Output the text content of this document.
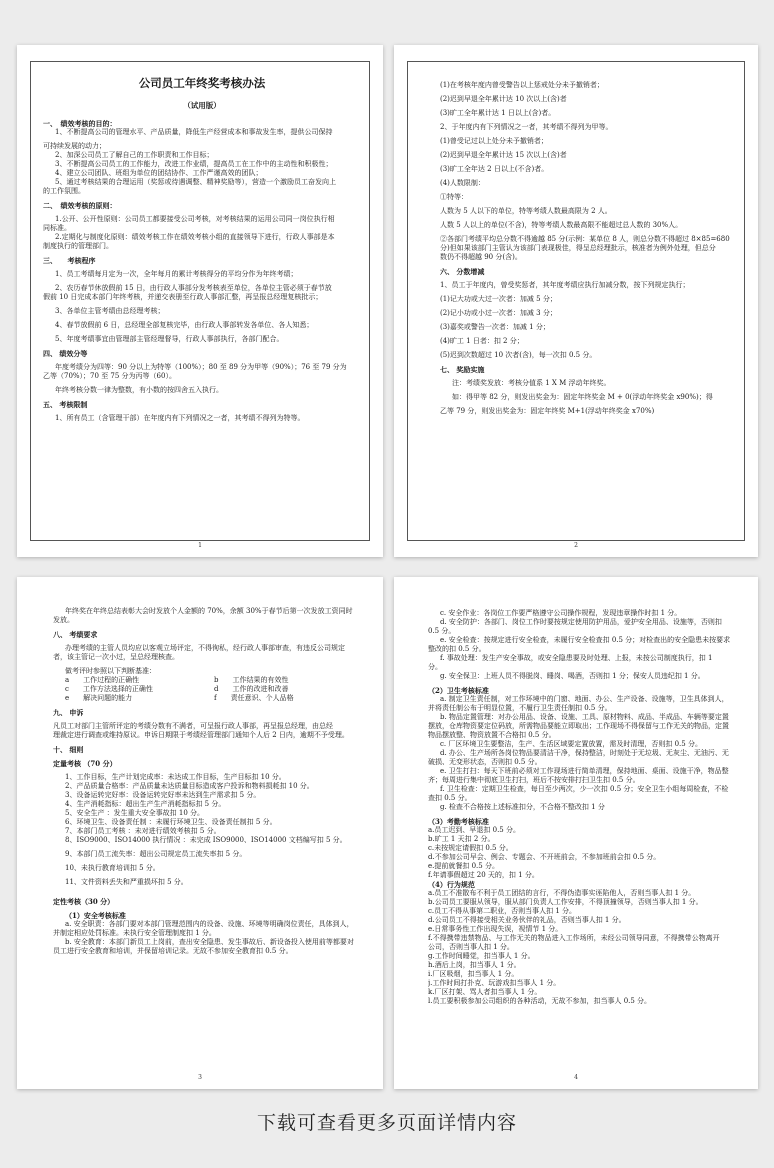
公司员工年终奖考核办法
（试用版）
一、　绩效考核的目的：
1、不断提高公司的管理水平、产品质量，降低生产经营成本和事故发生率，提供公司保持

可持续发展的动力；
2、加深公司员工了解自己的工作职责和工作目标；
3、不断提高公司员工的工作能力，改进工作业绩，提高员工在工作中的主动性和积极性；
4、建立公司团队、班组为单位的团结协作、工作严谨高效的团队；
5、通过考核结果的合理运用（奖惩或待遇调整、精神奖励等），营造一个激励员工奋发向上
的工作氛围。

二、　绩效考核的原则：

1.公开、公开性原则：公司员工都要接受公司考核，对考核结果的运用公司同一岗位执行相
同标准。
2.定期化与制度化原则：绩效考核工作在绩效考核小组的直接领导下进行，行政人事部是本
制度执行的管理部门。

三、　　考核程序

1、员工考绩每月定为一次，全年每月的累计考核得分的平均分作为年终考绩；

2、农历春节休放假前 15 日，由行政人事部分发考核表至单位，各单位主管必须于春节放
假前 10 日完成本部门年终考核，并递交表册至行政人事部汇整，再呈报总经理复核批示；

3、各单位主管考绩由总经理考核；

4、春节放假前 6 日，总经理全部复核完毕，由行政人事部转发各单位、各人知悉；

5、年度考绩事宜由管理部主管经理督导，行政人事部执行，各部门配合。

四、 绩效分等

年度考绩分为四等：90 分以上为特等（100%）；80 至 89 分为甲等（90%）；76 至 79 分为
乙等（70%）；70 至 75 分为丙等（60）。

年终考核分数一律为整数，有小数的按四舍五入执行。

五、 考核限制

1、所有员工（含管理干部）在年度内有下列情况之一者，其考绩不得列为特等。
1
(1)在考核年度内曾受警告以上惩戒处分未予撤销者；

(2)迟到早退全年累计达 10 次以上(含)者

(3)旷工全年累计达 1 日以上(含)者。

2、于年度内有下列情况之一者，其考绩不得列为甲等。

(1)曾受记过以上处分未予撤销者；

(2)迟到早退全年累计达 15 次以上(含)者

(3)旷工全年达 2 日以上(不含)者。

(4)人数限制：

①特等：

人数为 5 人以下的单位，特等考绩人数最高限为 2 人。

人数 5 人以上的单位(不含)，特等考绩人数最高限不能超过总人数的 30%人。

②各部门考绩平均总分数不得逾越 85 分(示例：某单位 8 人，则总分数不得超过 8×85=680
分)但如果该部门主管认为该部门表现极佳，得呈总经理批示，核准者为例外处理，但总分
数仍不得超越 90 分(含)。

六、 分数增减

1、员工于年度内，曾受奖惩者，其年度考绩应执行加减分数，按下列规定执行；

(1)记大功或大过一次者：加减 5 分；

(2)记小功或小过一次者：加减 3 分；

(3)嘉奖或警告一次者：加减 1 分；

(4)旷工 1 日者：扣 2 分；

(5)迟到次数超过 10 次者(含)，每一次扣 0.5 分。

七、 奖励实施

注：考绩奖发放：考核分值系 1 X M 浮动年终奖。

如：得甲等 82 分，则发出奖金为：固定年终奖金 M + 0(浮动年终奖金 x90%)；得

乙等 79 分，则发出奖金为：固定年终奖 M+1(浮动年终奖金 x70%)
2
年终奖在年终总结表彰大会时发放个人金额的 70%，余额 30%于春节后第一次发放工资同时
发放。

八、 考绩要求

办理考绩的主管人员均应以客观立场评定，不得徇私，经行政人事部审查，有违反公司规定
者，该主管记一次小过，呈总经理核查。

做考评时参照以下判断基准：
a　　工作过程的正确性	b　　工作结果的有效性
c　　工作方法选择的正确性	d　　工作的改进和改善
e　　解决问题的能力	f　　责任意识、个人品格

九、 申诉

凡员工对部门主管所评定的考绩分数有不满者，可呈报行政人事部，再呈报总经理，由总经
理裁定进行调查或维持原议。申诉日期限于考绩经管理部门通知个人后 2 日内，逾期不予受理。

十、 细则

定量考核 （70 分）

1、工作目标，生产计划完成率：未达成工作目标，生产目标扣 10 分。
2、产品质量合格率：产品质量未达质量目标造成客户投诉和物料损耗扣 10 分。
3、设备运转完好率：设备运转完好率未达到生产需求扣 5 分。
4、生产消耗指标：超出生产生产消耗指标扣 5 分。
5、安全生产 ：发生重大安全事故扣 10 分。
6、环境卫生、设备责任制 ：未履行环境卫生、设备责任制扣 5 分。
7、本部门员工考核 ：未对进行绩效考核扣 5 分。
8、ISO9000、ISO14000 执行情况 ：未完成 ISO9000、ISO14000 文档编写扣 5 分。

9、本部门员工流失率：超出公司规定员工流失率扣 5 分。

10、未执行教育培训扣 5 分。

11、文件资料丢失和严重损坏扣 5 分。

定性考核（30 分）

（1）安全考核标准
a. 安全职责：各部门要对本部门管理范围内的设备、设施、环境等明确岗位责任，具体到人，
并制定相应处罚标准。未执行安全管理制度扣 1 分。
b. 安全教育：本部门新员工上岗前，查出安全隐患、发生事故后、新设备投入使用前等都要对
员工进行安全教育和培训，并保留培训记录。无故不参加安全教育扣 0.5 分。
3
c. 安全作业：各岗位工作要严格遵守公司操作规程，发现违章操作时扣 1 分。
d. 安全防护：各部门、岗位工作时要按规定使用防护用品，爱护安全用品、设施等，否则扣
0.5 分。
e. 安全检查：按规定进行安全检查，未履行安全检查扣 0.5 分；对检查出的安全隐患未按要求
整改的扣 0.5 分。
f. 事故处理：发生产安全事故，或安全隐患要及时处理、上报，未按公司制度执行，扣 1
分。
g. 安全保卫：上班人员不得脱岗、睡岗、喝酒，否则扣 1 分；保安人员违纪扣 1 分。

（2）卫生考核标准
a. 制定卫生责任制，对工作环境中的门窗、地面、办公、生产设备、设施等，卫生具体到人，
并将责任制公布于明显位置，不履行卫生责任制扣 0.5 分。
b. 物品定置管理：对办公用品、设备、设施、工具、原材物料、成品、半成品、车辆等要定置
摆放，仓库物资要定位码放，所需物品要能立即取出；工作现场不得保留与工作无关的物品，定置
物品摆放整、物资放置不合格扣 0.5 分。
c. 厂区环境卫生要整洁，生产、生活区域要定置放置，需及时清理，否则扣 0.5 分。
d. 办公、生产场所各岗位物品要清洁干净，保持整洁，时刻处于无垃圾、无灰尘、无油污、无
破损、无变形状态，否则扣 0.5 分。
e. 卫生打扫：每天下班前必须对工作现场进行简单清理，保持地面、桌面、设施干净，物品整
齐；每周进行集中彻底卫生打扫，班后不按安排打扫卫生扣 0.5 分。
f. 卫生检查：定期卫生检查，每日至少两次，少一次扣 0.5 分；安全卫生小组每周检查，不检
查扣 0.5 分。
g. 检查不合格按上述标准扣分，不合格不整改扣 1 分

（3）考勤考核标准
a.员工迟到、早退扣 0.5 分。
b.旷工 1 天扣 2 分。
c.未按规定请假扣 0.5 分。
d.不参加公司早会、例会、专题会、不开班前会，不参加班前会扣 0.5 分。
e.提前就餐扣 0.5 分。
f.年请事假超过 20 天的，扣 1 分。
（4）行为规范
a.员工不准散布不利于员工团结的言行，不得伪造事实诬陷他人，否则当事人扣 1 分。
b.公司员工要服从领导，服从部门负责人工作安排，不得顶撞领导，否则当事人扣 1 分。
c.员工不得从事第二职业，否则当事人扣 1 分。
d.公司员工不得接受相关业务伙伴的礼品，否则当事人扣 1 分。
e.日常事务性工作出现失误，视情节 1 分。
f.不得携带违禁物品、与工作无关的物品进入工作场所，未经公司领导同意，不得携带公物离开
公司，否则当事人扣 1 分。
g.工作时间睡觉，扣当事人 1 分。
h.酒后上岗，扣当事人 1 分。
i.厂区吸烟，扣当事人 1 分。
j.工作时间打扑克、玩游戏扣当事人 1 分。
k.厂区打架、骂人者扣当事人 1 分。
l.员工要积极参加公司组织的各种活动，无故不参加，扣当事人 0.5 分。
4
下载可查看更多页面详情内容
